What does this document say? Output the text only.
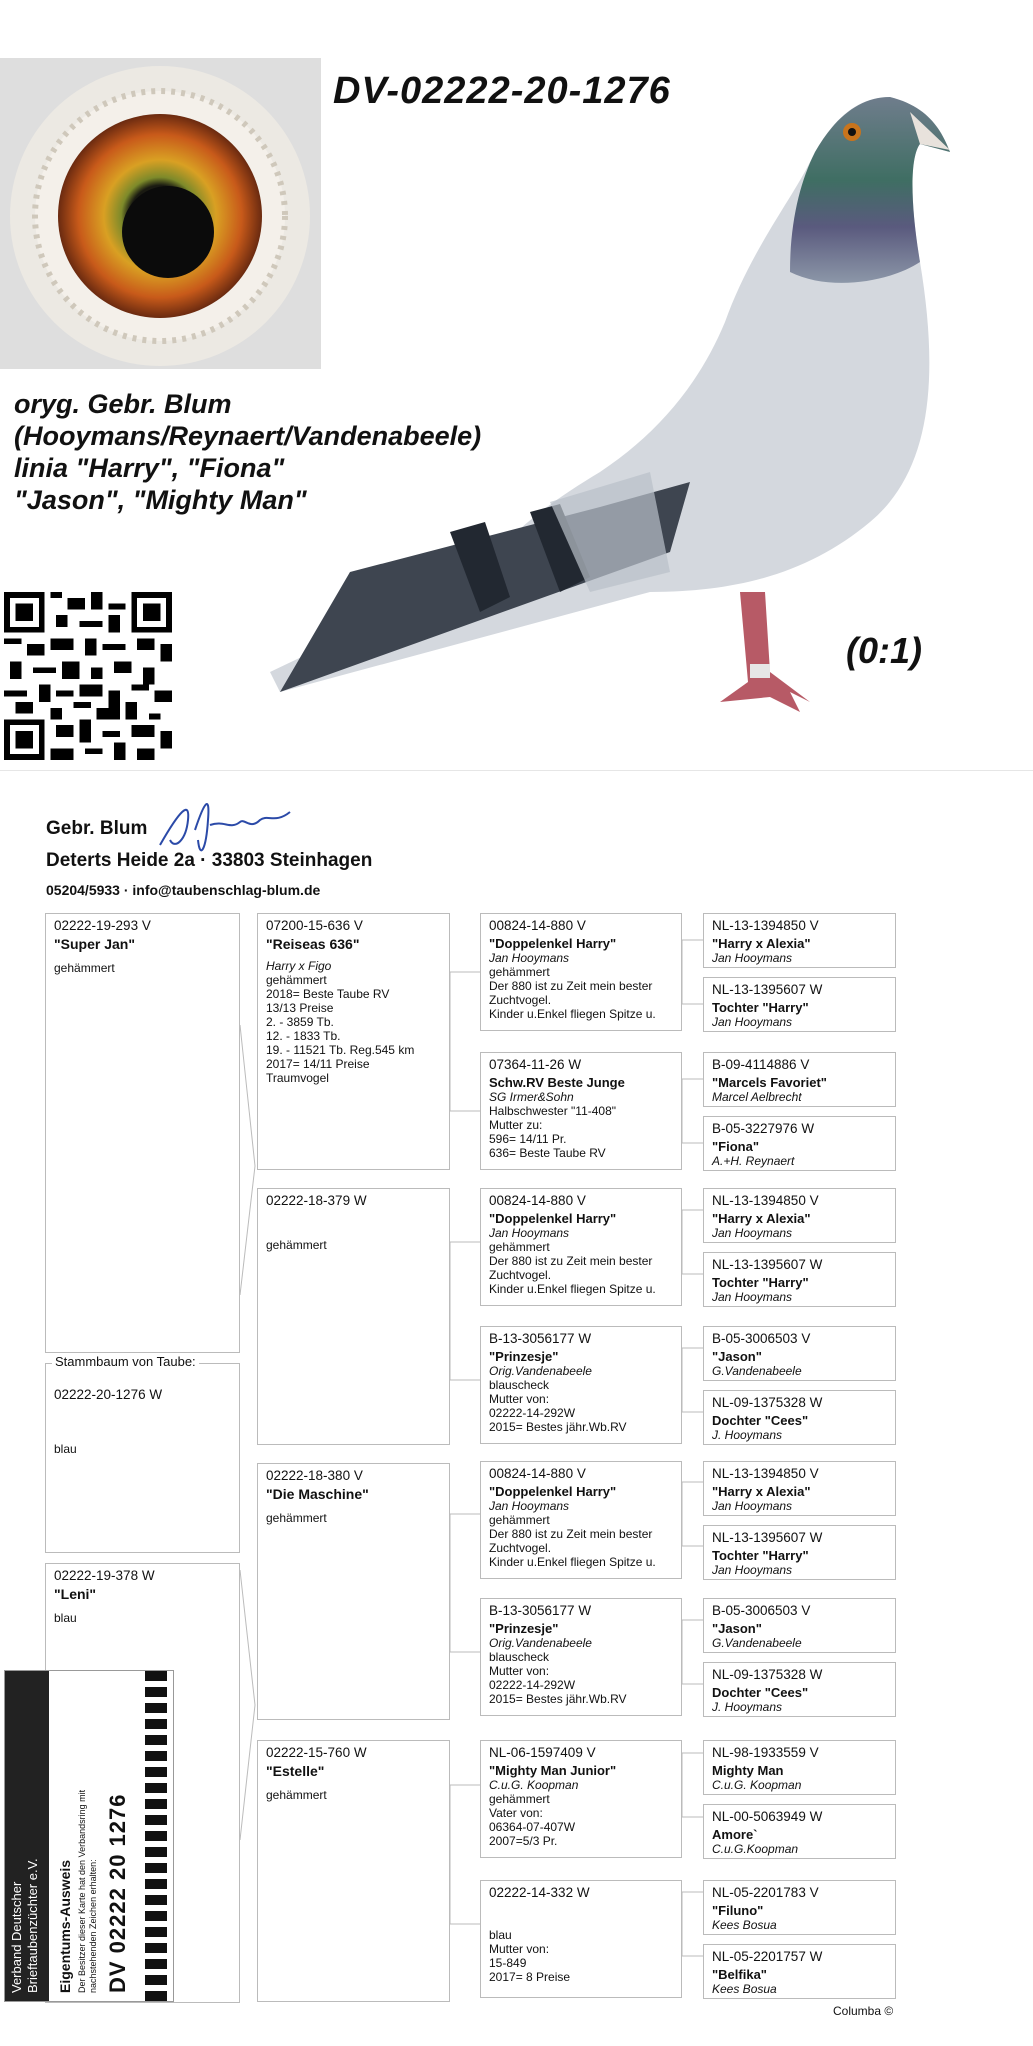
DV-02222-20-1276
oryg. Gebr. Blum
(Hooymans/Reynaert/Vandenabeele)
linia "Harry", "Fiona"
"Jason", "Mighty Man"
(0:1)
Gebr. Blum
Deterts Heide 2a · 33803 Steinhagen
05204/5933 · info@taubenschlag-blum.de
02222-19-293 V
"Super Jan"
gehämmert
02222-20-1276 W
blau
Stammbaum von Taube:
02222-19-378 W
"Leni"
blau
07200-15-636 V
"Reiseas 636"
Harry x Figo
gehämmert
2018= Beste Taube RV
13/13 Preise
2. - 3859 Tb.
12. - 1833 Tb.
19. - 11521 Tb. Reg.545 km
2017= 14/11 Preise
Traumvogel
02222-18-379 W
gehämmert
02222-18-380 V
"Die Maschine"
gehämmert
02222-15-760 W
"Estelle"
gehämmert
00824-14-880 V
"Doppelenkel Harry"
Jan Hooymans
gehämmert
Der 880 ist zu Zeit mein bester Zuchtvogel.
Kinder u.Enkel fliegen Spitze u.
07364-11-26 W
Schw.RV Beste Junge
SG Irmer&Sohn
Halbschwester "11-408"
Mutter zu:
596= 14/11 Pr.
636= Beste Taube RV
00824-14-880 V
"Doppelenkel Harry"
Jan Hooymans
gehämmert
Der 880 ist zu Zeit mein bester Zuchtvogel.
Kinder u.Enkel fliegen Spitze u.
B-13-3056177 W
"Prinzesje"
Orig.Vandenabeele
blauscheck
Mutter von:
02222-14-292W
2015= Bestes jähr.Wb.RV
00824-14-880 V
"Doppelenkel Harry"
Jan Hooymans
gehämmert
Der 880 ist zu Zeit mein bester Zuchtvogel.
Kinder u.Enkel fliegen Spitze u.
B-13-3056177 W
"Prinzesje"
Orig.Vandenabeele
blauscheck
Mutter von:
02222-14-292W
2015= Bestes jähr.Wb.RV
NL-06-1597409 V
"Mighty Man Junior"
C.u.G. Koopman
gehämmert
Vater von:
06364-07-407W
2007=5/3 Pr.
02222-14-332 W
blau
Mutter von:
15-849
2017= 8 Preise
NL-13-1394850 V
"Harry x Alexia"
Jan Hooymans
NL-13-1395607 W
Tochter "Harry"
Jan Hooymans
B-09-4114886 V
"Marcels Favoriet"
Marcel Aelbrecht
B-05-3227976 W
"Fiona"
A.+H. Reynaert
NL-13-1394850 V
"Harry x Alexia"
Jan Hooymans
NL-13-1395607 W
Tochter "Harry"
Jan Hooymans
B-05-3006503 V
"Jason"
G.Vandenabeele
NL-09-1375328 W
Dochter "Cees"
J. Hooymans
NL-13-1394850 V
"Harry x Alexia"
Jan Hooymans
NL-13-1395607 W
Tochter "Harry"
Jan Hooymans
B-05-3006503 V
"Jason"
G.Vandenabeele
NL-09-1375328 W
Dochter "Cees"
J. Hooymans
NL-98-1933559 V
Mighty Man
C.u.G. Koopman
NL-00-5063949 W
Amore`
C.u.G.Koopman
NL-05-2201783 V
"Filuno"
Kees Bosua
NL-05-2201757 W
"Belfika"
Kees Bosua
Verband Deutscher Brieftaubenzüchter e.V. Eigentums-Ausweis Der Besitzer dieser Karte hat den Verbandsring mit nachstehenden Zeichen erhalten: DV 02222 20 1276
Columba ©
